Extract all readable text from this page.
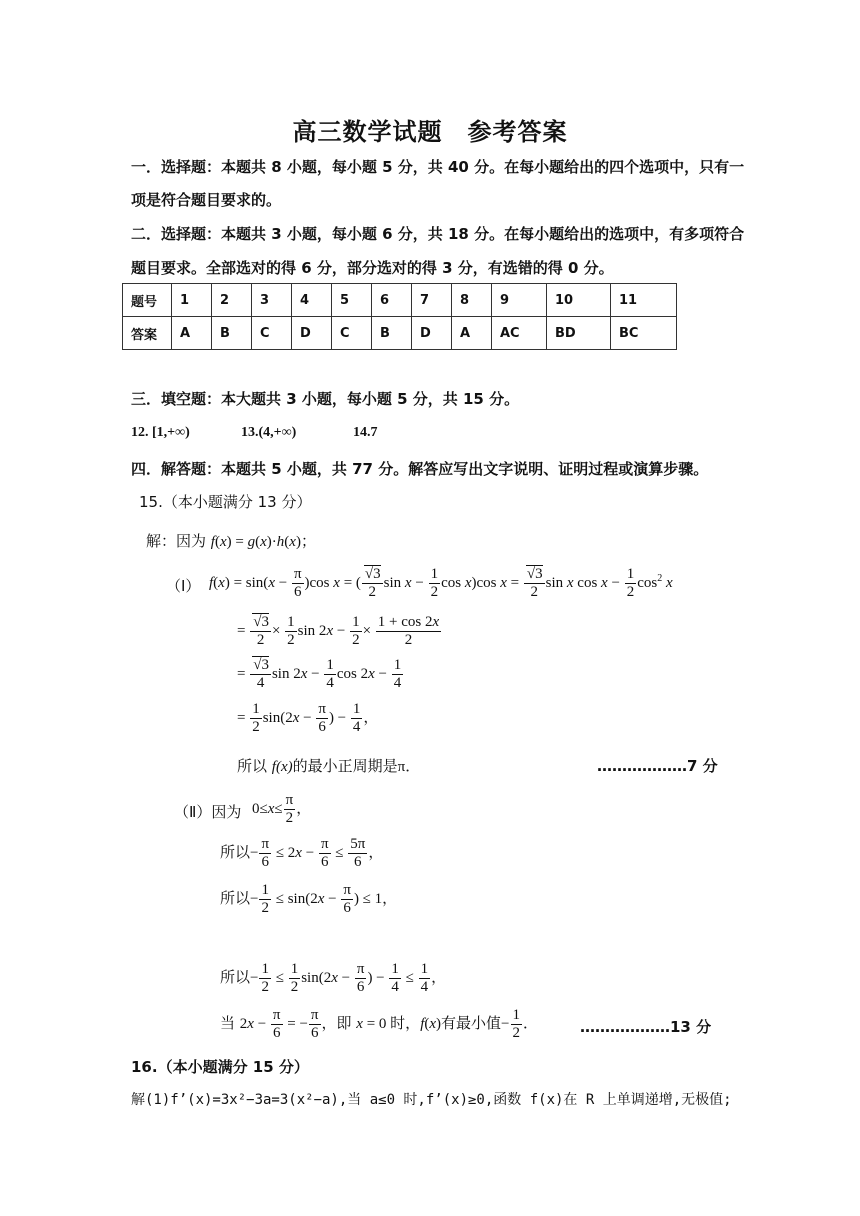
高三数学试题　参考答案
一．选择题：本题共 8 小题，每小题 5 分，共 40 分。在每小题给出的四个选项中，只有一
项是符合题目要求的。
二．选择题：本题共 3 小题，每小题 6 分，共 18 分。在每小题给出的选项中，有多项符合
题目要求。全部选对的得 6 分，部分选对的得 3 分，有选错的得 0 分。
题号	1	2	3	4	5	6	7	8	9	10	11
答案	A	B	C	D	C	B	D	A	AC	BD	BC
三．填空题：本大题共 3 小题，每小题 5 分，共 15 分。
12. [1,+∞)	13.(4,+∞)	14.7
四．解答题：本题共 5 小题，共 77 分。解答应写出文字说明、证明过程或演算步骤。
15.（本小题满分 13 分）
解：因为 f(x) = g(x)·h(x)；
（Ⅰ） $f(x) = \sin(x - \frac{\pi}{6} )\cos$ x = ( $\frac{√3}{2}$ $\sin x - \frac{1}{2}$ cos x)cos $x = \frac{√3}{2}$ sin x $\cos x - \frac{1}{2} \cos^2 x$
= $\frac{√3}{2} \times \frac{1}{2}$ $\sin 2x - \frac{1}{2} \times \frac{1 + \cos 2x}{2}$
= $\frac{√3}{4}$ $\sin 2x - \frac{1}{4}$ $\cos 2x - \frac{1}{4}$
= $\frac{1}{2} \sin(2x - \frac{\pi}{6}$ ) − $\frac{1}{4}$ ，
所以 f(x)的最小正周期是π．	………………7 分
（Ⅱ）因为 $0\le x\le \frac{\pi}{2}$ ，
所以− $\frac{\pi}{6} \le 2x - \frac{\pi}{6} \le \frac{5\pi}{6}$ ，
所以− $\frac{1}{2} \le \sin(2x - \frac{\pi}{6}$ ) ≤ 1，
所以− $\frac{1}{2} \le \frac{1}{2} \sin(2x - \frac{\pi}{6}$ ) − $\frac{1}{4} \le \frac{1}{4}$ ，
当 $2x - \frac{\pi}{6}$ = − $\frac{\pi}{6}$ ，即 x = 0 时，f(x)有最小值− $\frac{1}{2}$ ．	………………13 分
16.（本小题满分 15 分）
解(1)f’(x)=3x²−3a=3(x²−a),当 a≤0 时,f’(x)≥0,函数 f(x)在 R 上单调递增,无极值;
